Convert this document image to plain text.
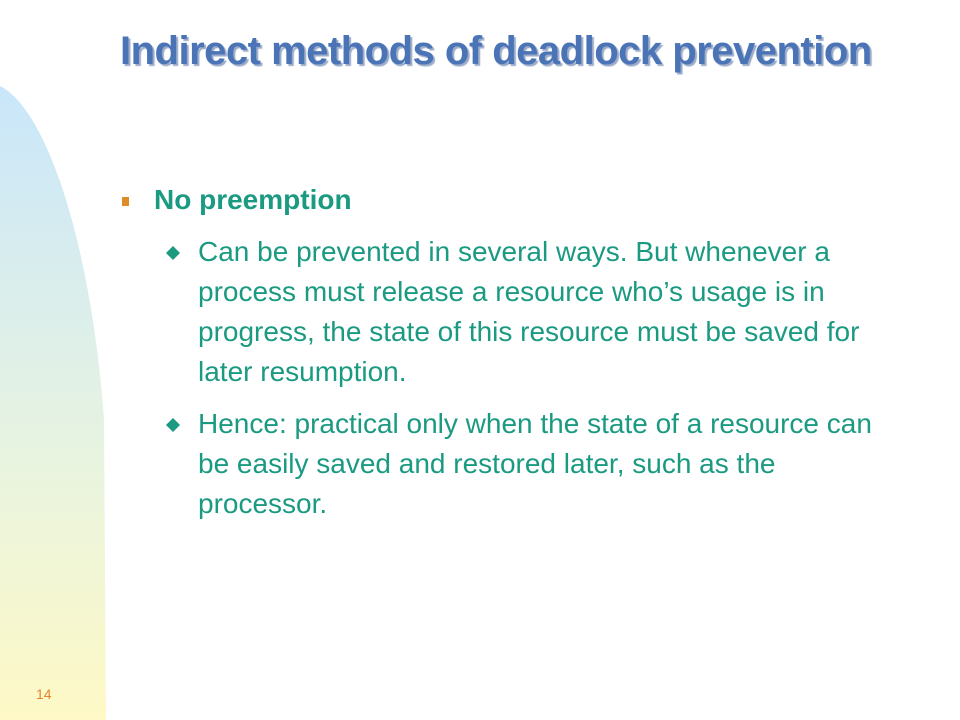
Indirect methods of deadlock prevention
No preemption
Can be prevented in several ways. But whenever a process must release a resource who’s usage is in progress, the state of this resource must be saved for later resumption.
Hence: practical only when the state of a resource can be easily saved and restored later, such as the processor.
14
